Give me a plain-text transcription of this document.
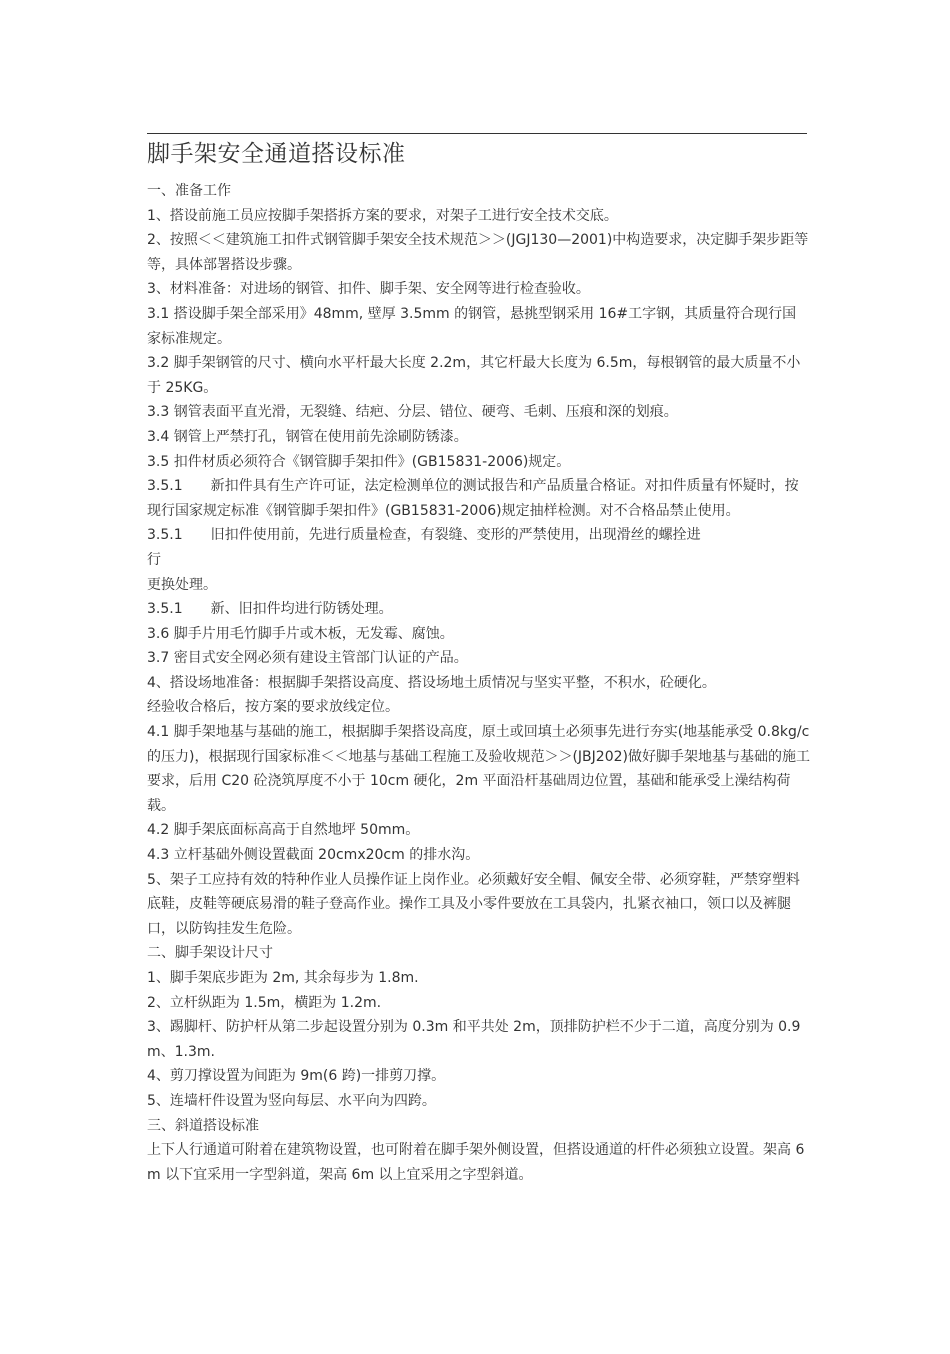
脚手架安全通道搭设标准

一、准备工作

1、搭设前施工员应按脚手架搭拆方案的要求，对架子工进行安全技术交底。

2、按照＜＜建筑施工扣件式钢管脚手架安全技术规范＞＞(JGJ130—2001)中构造要求，决定脚手架步距等等，具体部署搭设步骤。

3、材料准备：对进场的钢管、扣件、脚手架、安全网等进行检查验收。

3.1 搭设脚手架全部采用》48mm, 壁厚 3.5mm 的钢管，悬挑型钢采用 16#工字钢，其质量符合现行国家标准规定。

3.2 脚手架钢管的尺寸、横向水平杆最大长度 2.2m，其它杆最大长度为 6.5m，每根钢管的最大质量不小于 25KG。

3.3 钢管表面平直光滑，无裂缝、结疤、分层、错位、硬弯、毛刺、压痕和深的划痕。

3.4 钢管上严禁打孔，钢管在使用前先涂刷防锈漆。

3.5 扣件材质必须符合《钢管脚手架扣件》(GB15831-2006)规定。

3.5.1 新扣件具有生产许可证，法定检测单位的测试报告和产品质量合格证。对扣件质量有怀疑时，按现行国家规定标准《钢管脚手架扣件》(GB15831-2006)规定抽样检测。对不合格品禁止使用。

3.5.1 旧扣件使用前，先进行质量检查，有裂缝、变形的严禁使用，出现滑丝的螺拴进

行

更换处理。

3.5.1 新、旧扣件均进行防锈处理。

3.6 脚手片用毛竹脚手片或木板，无发霉、腐蚀。

3.7 密目式安全网必须有建设主管部门认证的产品。

4、搭设场地准备：根据脚手架搭设高度、搭设场地土质情况与坚实平整，不积水，砼硬化。

经验收合格后，按方案的要求放线定位。

4.1 脚手架地基与基础的施工，根据脚手架搭设高度，原土或回填土必须事先进行夯实(地基能承受 0.8kg/c 的压力)，根据现行国家标准＜＜地基与基础工程施工及验收规范＞＞(JBJ202)做好脚手架地基与基础的施工要求，后用 C20 砼浇筑厚度不小于 10cm 硬化，2m 平面沿杆基础周边位置，基础和能承受上澡结构荷载。

4.2 脚手架底面标高高于自然地坪 50mm。

4.3 立杆基础外侧设置截面 20cmx20cm 的排水沟。

5、架子工应持有效的特种作业人员操作证上岗作业。必须戴好安全帽、佩安全带、必须穿鞋，严禁穿塑料底鞋，皮鞋等硬底易滑的鞋子登高作业。操作工具及小零件要放在工具袋内，扎紧衣袖口，领口以及裤腿口，以防钩挂发生危险。

二、脚手架设计尺寸

1、脚手架底步距为 2m, 其余每步为 1.8m.

2、立杆纵距为 1.5m，横距为 1.2m.

3、踢脚杆、防护杆从第二步起设置分别为 0.3m 和平共处 2m，顶排防护栏不少于二道，高度分别为 0.9m、1.3m.

4、剪刀撑设置为间距为 9m(6 跨)一排剪刀撑。

5、连墙杆件设置为竖向每层、水平向为四跨。

三、斜道搭设标准

上下人行通道可附着在建筑物设置，也可附着在脚手架外侧设置，但搭设通道的杆件必须独立设置。架高 6m 以下宜采用一字型斜道，架高 6m 以上宜采用之字型斜道。
